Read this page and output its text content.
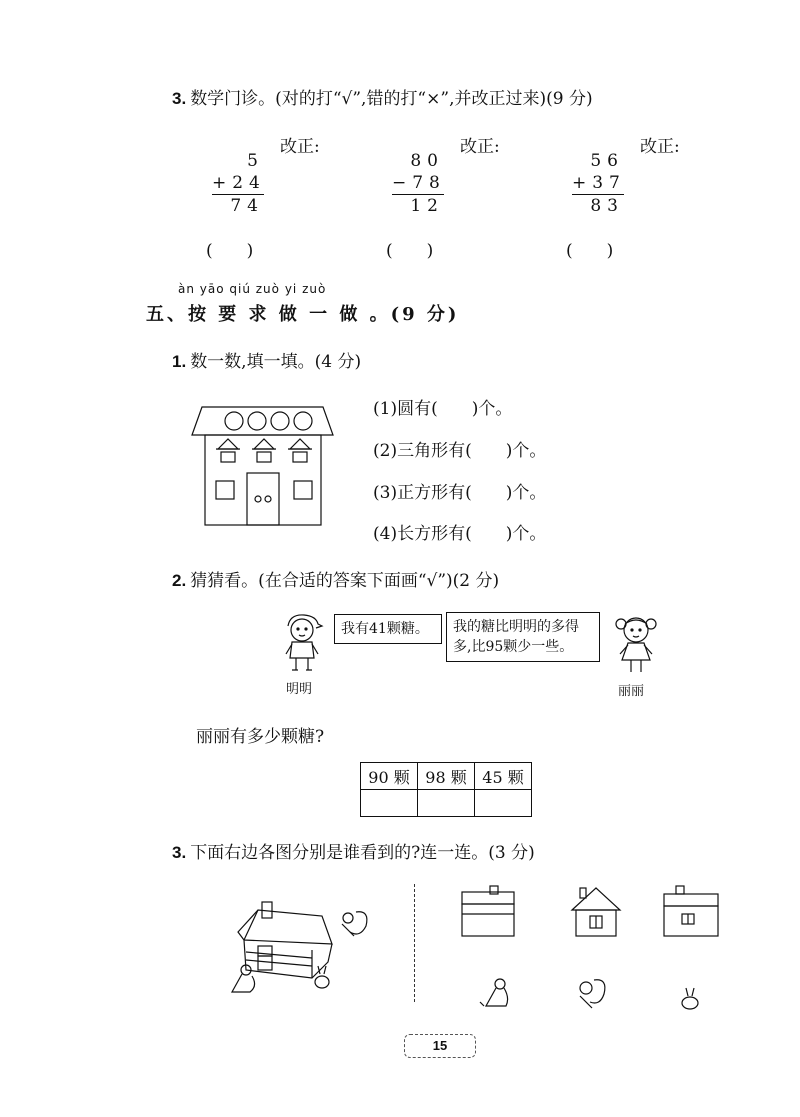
3. 数学门诊。(对的打“√”,错的打“×”,并改正过来)(9 分)
改正:	改正:	改正:
5
+24
74
80
−78
12
56
+37
83
(　　)	(　　)	(　　)
àn yāo qiú zuò yi zuò
五、按 要 求 做 一 做 。(9 分)
1. 数一数,填一填。(4 分)
(1)圆有(　　)个。
(2)三角形有(　　)个。
(3)正方形有(　　)个。
(4)长方形有(　　)个。
2. 猜猜看。(在合适的答案下面画“√”)(2 分)
明明
我有41颗糖。	我的糖比明明的多得
多,比95颗少一些。
丽丽
丽丽有多少颗糖?
90 颗	98 颗	45 颗

3. 下面右边各图分别是谁看到的?连一连。(3 分)
15
